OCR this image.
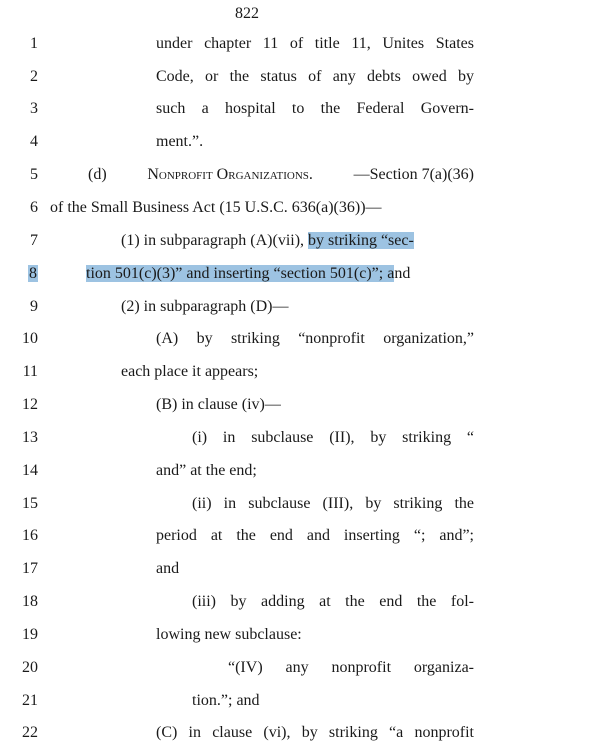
822
1	under chapter 11 of title 11, Unites States
2	Code, or the status of any debts owed by
3	such a hospital to the Federal Govern-
4	ment.”.
5	(d)	Nonprofit Organizations.	—Section 7(a)(36)
6 of the Small Business Act (15 U.S.C. 636(a)(36))—
7	(1) in subparagraph (A)(vii), by striking “sec-
8	tion 501(c)(3)” and inserting “section 501(c)”; and
9	(2) in subparagraph (D)—
10	(A) by striking “nonprofit organization,”
11	each place it appears;
12	(B) in clause (iv)—
13	(i) in subclause (II), by striking “
14	and” at the end;
15	(ii) in subclause (III), by striking the
16	period at the end and inserting “; and”;
17	and
18	(iii) by adding at the end the fol-
19	lowing new subclause:
20	“(IV) any nonprofit organiza-
21	tion.”; and
22	(C) in clause (vi), by striking “a nonprofit
